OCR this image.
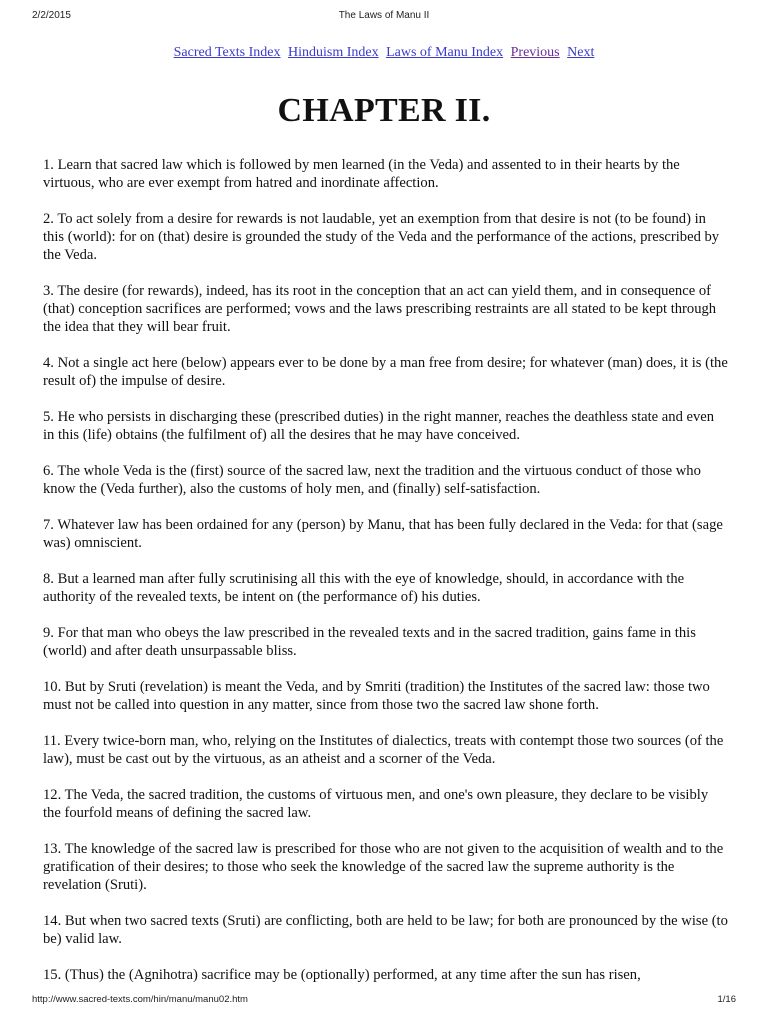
2/2/2015	The Laws of Manu II
Sacred Texts Index Hinduism Index Laws of Manu Index Previous Next
CHAPTER II.

1. Learn that sacred law which is followed by men learned (in the Veda) and assented to in their hearts by the virtuous, who are ever exempt from hatred and inordinate affection.

2. To act solely from a desire for rewards is not laudable, yet an exemption from that desire is not (to be found) in this (world): for on (that) desire is grounded the study of the Veda and the performance of the actions, prescribed by the Veda.

3. The desire (for rewards), indeed, has its root in the conception that an act can yield them, and in consequence of (that) conception sacrifices are performed; vows and the laws prescribing restraints are all stated to be kept through the idea that they will bear fruit.

4. Not a single act here (below) appears ever to be done by a man free from desire; for whatever (man) does, it is (the result of) the impulse of desire.

5. He who persists in discharging these (prescribed duties) in the right manner, reaches the deathless state and even in this (life) obtains (the fulfilment of) all the desires that he may have conceived.

6. The whole Veda is the (first) source of the sacred law, next the tradition and the virtuous conduct of those who know the (Veda further), also the customs of holy men, and (finally) self-satisfaction.

7. Whatever law has been ordained for any (person) by Manu, that has been fully declared in the Veda: for that (sage was) omniscient.

8. But a learned man after fully scrutinising all this with the eye of knowledge, should, in accordance with the authority of the revealed texts, be intent on (the performance of) his duties.

9. For that man who obeys the law prescribed in the revealed texts and in the sacred tradition, gains fame in this (world) and after death unsurpassable bliss.

10. But by Sruti (revelation) is meant the Veda, and by Smriti (tradition) the Institutes of the sacred law: those two must not be called into question in any matter, since from those two the sacred law shone forth.

11. Every twice-born man, who, relying on the Institutes of dialectics, treats with contempt those two sources (of the law), must be cast out by the virtuous, as an atheist and a scorner of the Veda.

12. The Veda, the sacred tradition, the customs of virtuous men, and one's own pleasure, they declare to be visibly the fourfold means of defining the sacred law.

13. The knowledge of the sacred law is prescribed for those who are not given to the acquisition of wealth and to the gratification of their desires; to those who seek the knowledge of the sacred law the supreme authority is the revelation (Sruti).

14. But when two sacred texts (Sruti) are conflicting, both are held to be law; for both are pronounced by the wise (to be) valid law.

15. (Thus) the (Agnihotra) sacrifice may be (optionally) performed, at any time after the sun has risen,

http://www.sacred-texts.com/hin/manu/manu02.htm	1/16
